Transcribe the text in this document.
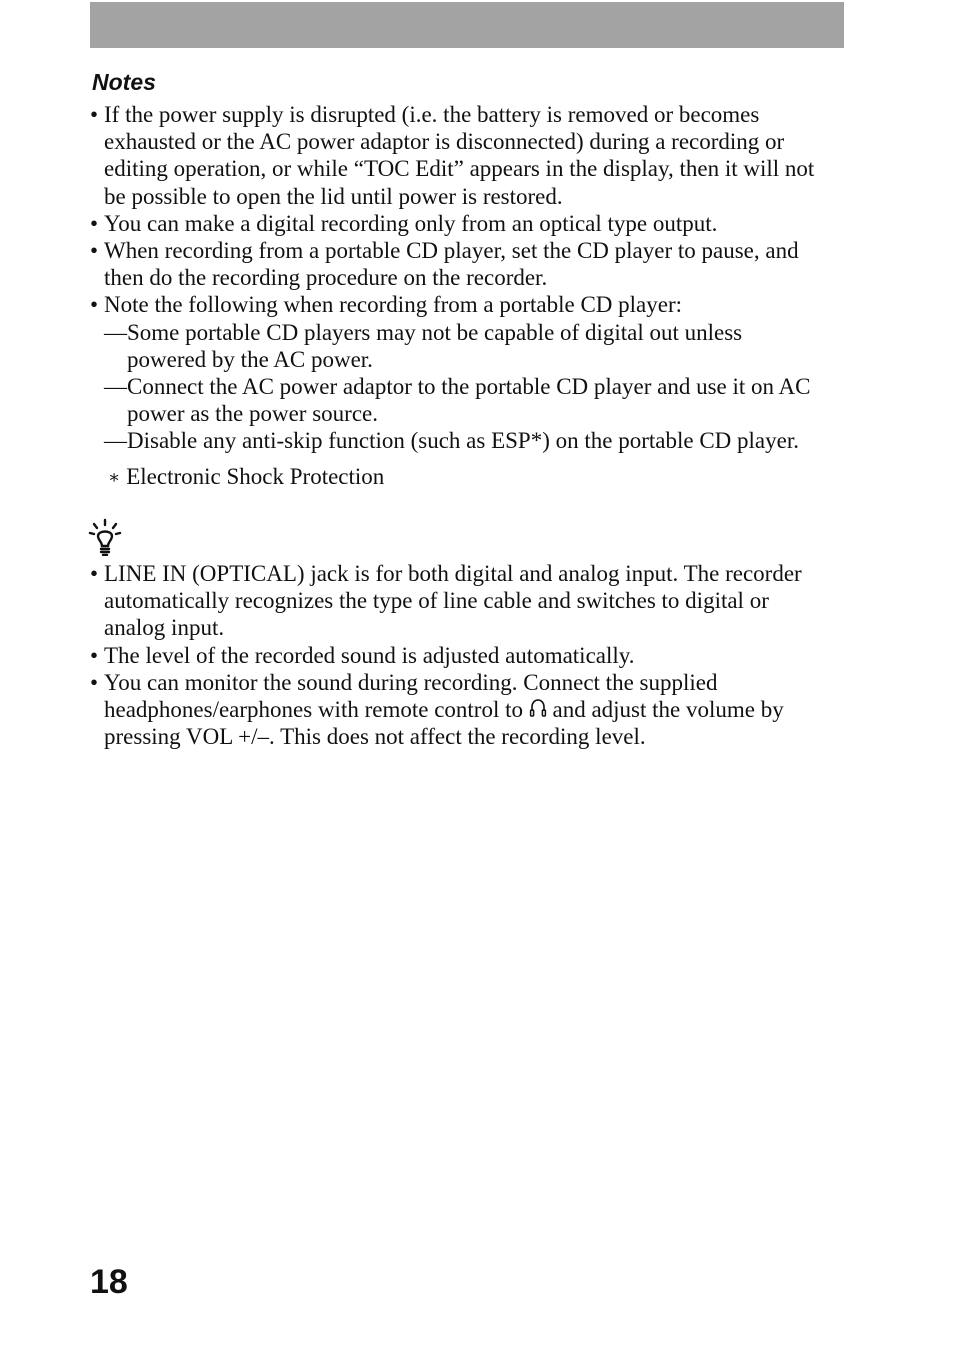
Notes
• If the power supply is disrupted (i.e. the battery is removed or becomes
exhausted or the AC power adaptor is disconnected) during a recording or
editing operation, or while “TOC Edit” appears in the display, then it will not
be possible to open the lid until power is restored.
• You can make a digital recording only from an optical type output.
• When recording from a portable CD player, set the CD player to pause, and
then do the recording procedure on the recorder.
• Note the following when recording from a portable CD player:
— Some portable CD players may not be capable of digital out unless
powered by the AC power.
— Connect the AC power adaptor to the portable CD player and use it on AC
power as the power source.
— Disable any anti-skip function (such as ESP*) on the portable CD player.
∗ Electronic Shock Protection
• LINE IN (OPTICAL) jack is for both digital and analog input. The recorder
automatically recognizes the type of line cable and switches to digital or
analog input.
• The level of the recorded sound is adjusted automatically.
• You can monitor the sound during recording. Connect the supplied
headphones/earphones with remote control to and adjust the volume by
pressing VOL +/–. This does not affect the recording level.
18
